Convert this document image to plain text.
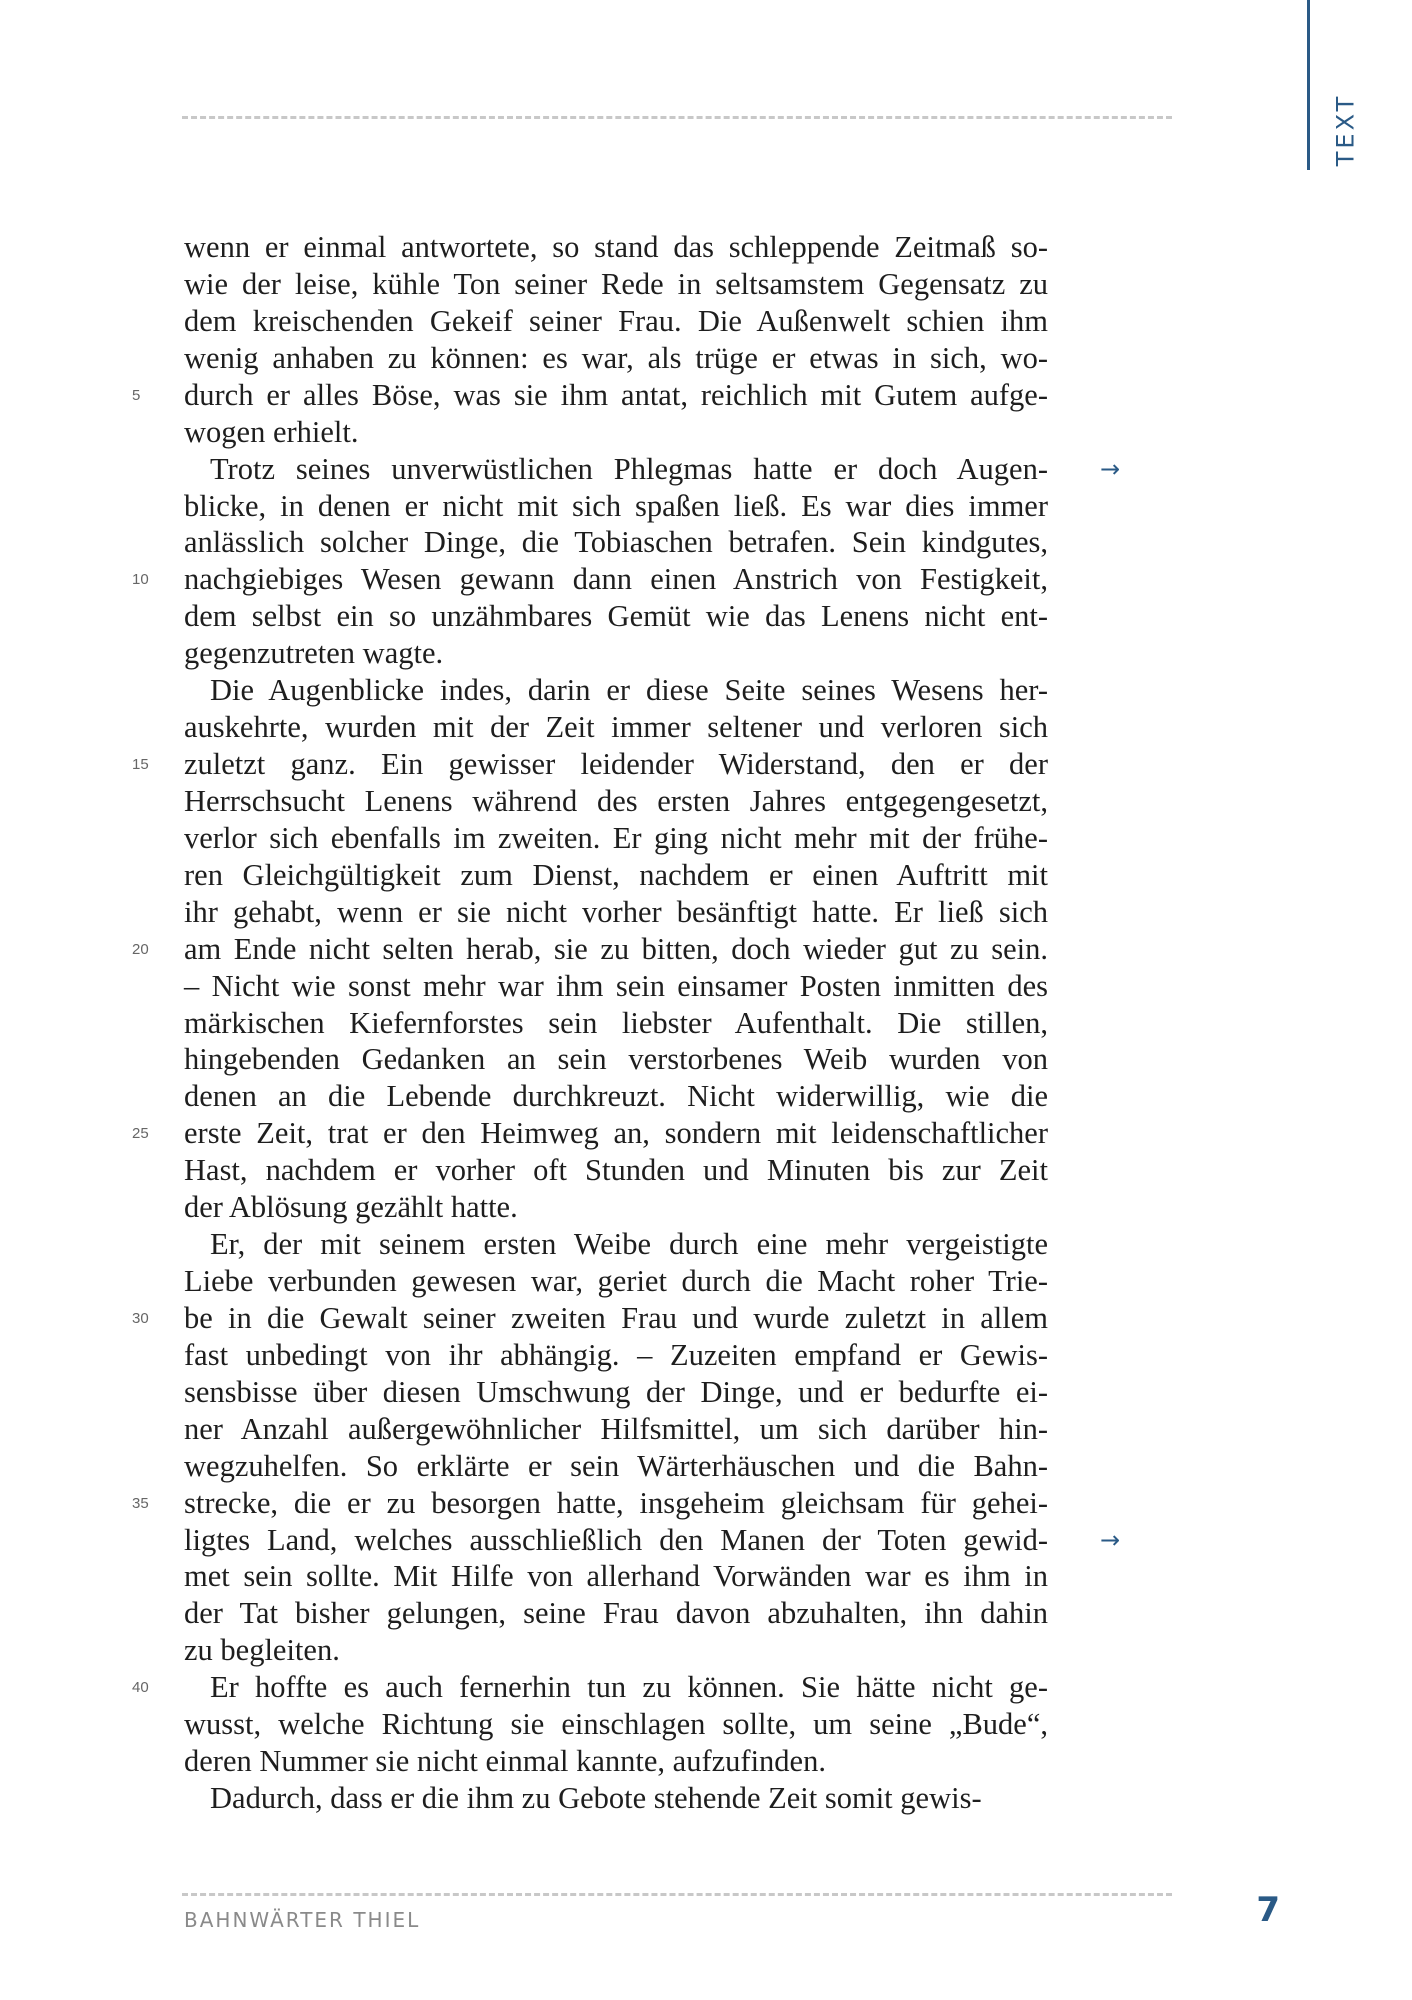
TEXT
wenn er einmal antwortete, so stand das schleppende Zeitmaß so-
wie der leise, kühle Ton seiner Rede in seltsamstem Gegensatz zu
dem kreischenden Gekeif seiner Frau. Die Außenwelt schien ihm
wenig anhaben zu können: es war, als trüge er etwas in sich, wo-
durch er alles Böse, was sie ihm antat, reichlich mit Gutem aufge-
wogen erhielt.
Trotz seines unverwüstlichen Phlegmas hatte er doch Augen-
blicke, in denen er nicht mit sich spaßen ließ. Es war dies immer
anlässlich solcher Dinge, die Tobiaschen betrafen. Sein kindgutes,
nachgiebiges Wesen gewann dann einen Anstrich von Festigkeit,
dem selbst ein so unzähmbares Gemüt wie das Lenens nicht ent-
gegenzutreten wagte.
Die Augenblicke indes, darin er diese Seite seines Wesens her-
auskehrte, wurden mit der Zeit immer seltener und verloren sich
zuletzt ganz. Ein gewisser leidender Widerstand, den er der
Herrschsucht Lenens während des ersten Jahres entgegengesetzt,
verlor sich ebenfalls im zweiten. Er ging nicht mehr mit der frühe-
ren Gleichgültigkeit zum Dienst, nachdem er einen Auftritt mit
ihr gehabt, wenn er sie nicht vorher besänftigt hatte. Er ließ sich
am Ende nicht selten herab, sie zu bitten, doch wieder gut zu sein.
– Nicht wie sonst mehr war ihm sein einsamer Posten inmitten des
märkischen Kiefernforstes sein liebster Aufenthalt. Die stillen,
hingebenden Gedanken an sein verstorbenes Weib wurden von
denen an die Lebende durchkreuzt. Nicht widerwillig, wie die
erste Zeit, trat er den Heimweg an, sondern mit leidenschaftlicher
Hast, nachdem er vorher oft Stunden und Minuten bis zur Zeit
der Ablösung gezählt hatte.
Er, der mit seinem ersten Weibe durch eine mehr vergeistigte
Liebe verbunden gewesen war, geriet durch die Macht roher Trie-
be in die Gewalt seiner zweiten Frau und wurde zuletzt in allem
fast unbedingt von ihr abhängig. – Zuzeiten empfand er Gewis-
sensbisse über diesen Umschwung der Dinge, und er bedurfte ei-
ner Anzahl außergewöhnlicher Hilfsmittel, um sich darüber hin-
wegzuhelfen. So erklärte er sein Wärterhäuschen und die Bahn-
strecke, die er zu besorgen hatte, insgeheim gleichsam für gehei-
ligtes Land, welches ausschließlich den Manen der Toten gewid-
met sein sollte. Mit Hilfe von allerhand Vorwänden war es ihm in
der Tat bisher gelungen, seine Frau davon abzuhalten, ihn dahin
zu begleiten.
Er hoffte es auch fernerhin tun zu können. Sie hätte nicht ge-
wusst, welche Richtung sie einschlagen sollte, um seine „Bude“,
deren Nummer sie nicht einmal kannte, aufzufinden.
Dadurch, dass er die ihm zu Gebote stehende Zeit somit gewis-
5
10
15
20
25
30
35
40
→
→
BAHNWÄRTER THIEL	7
